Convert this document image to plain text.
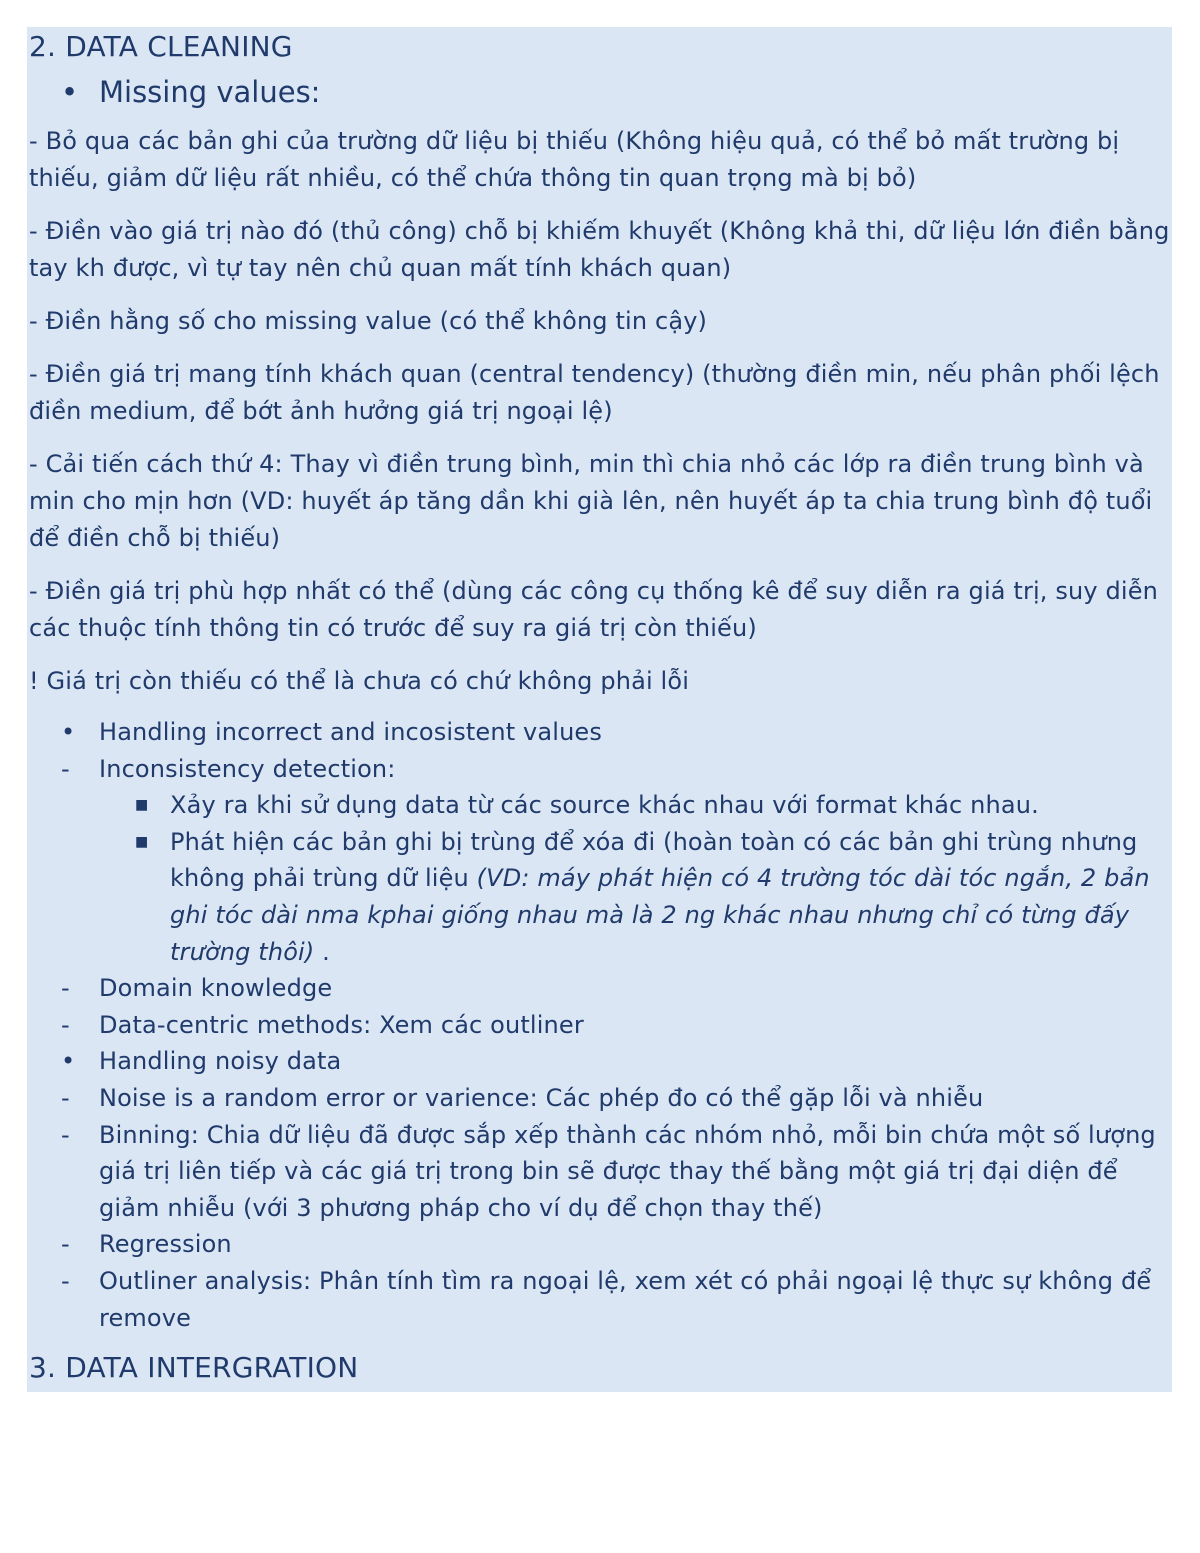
2. DATA CLEANING
• Missing values:
- Bỏ qua các bản ghi của trường dữ liệu bị thiếu (Không hiệu quả, có thể bỏ mất trường bị thiếu, giảm dữ liệu rất nhiều, có thể chứa thông tin quan trọng mà bị bỏ)
- Điền vào giá trị nào đó (thủ công) chỗ bị khiếm khuyết (Không khả thi, dữ liệu lớn điền bằng tay kh được, vì tự tay nên chủ quan mất tính khách quan)
- Điền hằng số cho missing value (có thể không tin cậy)
- Điền giá trị mang tính khách quan (central tendency) (thường điền min, nếu phân phối lệch điền medium, để bớt ảnh hưởng giá trị ngoại lệ)
- Cải tiến cách thứ 4: Thay vì điền trung bình, min thì chia nhỏ các lớp ra điền trung bình và min cho mịn hơn (VD: huyết áp tăng dần khi già lên, nên huyết áp ta chia trung bình độ tuổi để điền chỗ bị thiếu)
- Điền giá trị phù hợp nhất có thể (dùng các công cụ thống kê để suy diễn ra giá trị, suy diễn các thuộc tính thông tin có trước để suy ra giá trị còn thiếu)
! Giá trị còn thiếu có thể là chưa có chứ không phải lỗi
• Handling incorrect and incosistent values
- Inconsistency detection:
■ Xảy ra khi sử dụng data từ các source khác nhau với format khác nhau.
■ Phát hiện các bản ghi bị trùng để xóa đi (hoàn toàn có các bản ghi trùng nhưng không phải trùng dữ liệu (VD: máy phát hiện có 4 trường tóc dài tóc ngắn, 2 bản ghi tóc dài nma kphai giống nhau mà là 2 ng khác nhau nhưng chỉ có từng đấy trường thôi) .
- Domain knowledge
- Data-centric methods: Xem các outliner
• Handling noisy data
- Noise is a random error or varience: Các phép đo có thể gặp lỗi và nhiễu
- Binning: Chia dữ liệu đã được sắp xếp thành các nhóm nhỏ, mỗi bin chứa một số lượng giá trị liên tiếp và các giá trị trong bin sẽ được thay thế bằng một giá trị đại diện để giảm nhiễu (với 3 phương pháp cho ví dụ để chọn thay thế)
- Regression
- Outliner analysis: Phân tính tìm ra ngoại lệ, xem xét có phải ngoại lệ thực sự không để remove
3. DATA INTERGRATION
